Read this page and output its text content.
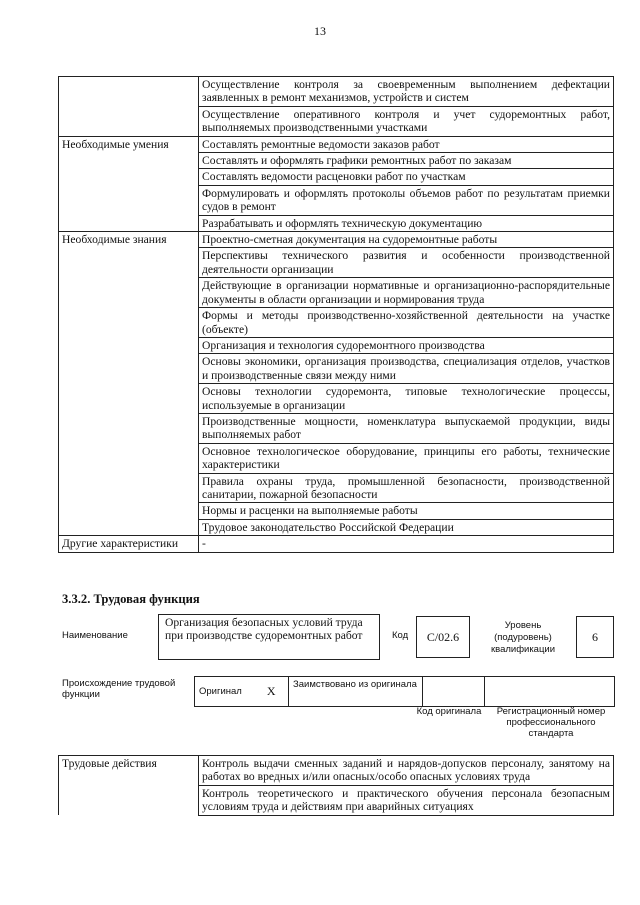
13
	Осуществление контроля за своевременным выполнением дефектации заявленных в ремонт механизмов, устройств и систем
	Осуществление оперативного контроля и учет судоремонтных работ, выполняемых производственными участками
Необходимые умения	Составлять ремонтные ведомости заказов работ
	Составлять и оформлять графики ремонтных работ по заказам
	Составлять ведомости расценовки работ по участкам
	Формулировать и оформлять протоколы объемов работ по результатам приемки судов в ремонт
	Разрабатывать и оформлять техническую документацию
Необходимые знания	Проектно-сметная документация на судоремонтные работы
	Перспективы технического развития и особенности производственной деятельности организации
	Действующие в организации нормативные и организационно-распорядительные документы в области организации и нормирования труда
	Формы и методы производственно-хозяйственной деятельности на участке (объекте)
	Организация и технология судоремонтного производства
	Основы экономики, организация производства, специализация отделов, участков и производственные связи между ними
	Основы технологии судоремонта, типовые технологические процессы, используемые в организации
	Производственные мощности, номенклатура выпускаемой продукции, виды выполняемых работ
	Основное технологическое оборудование, принципы его работы, технические характеристики
	Правила охраны труда, промышленной безопасности, производственной санитарии, пожарной безопасности
	Нормы и расценки на выполняемые работы
	Трудовое законодательство Российской Федерации
Другие характеристики	-
3.3.2. Трудовая функция
Наименование
Организация безопасных условий труда при производстве судоремонтных работ	Код	C/02.6
Уровень (подуровень) квалификации
6
Происхождение трудовой функции	Оригинал	X	Заимствовано из оригинала		
Код оригинала	Регистрационный номер профессионального стандарта
Трудовые действия	Контроль выдачи сменных заданий и нарядов-допусков персоналу, занятому на работах во вредных и/или опасных/особо опасных условиях труда
	Контроль теоретического и практического обучения персонала безопасным условиям труда и действиям при аварийных ситуациях
